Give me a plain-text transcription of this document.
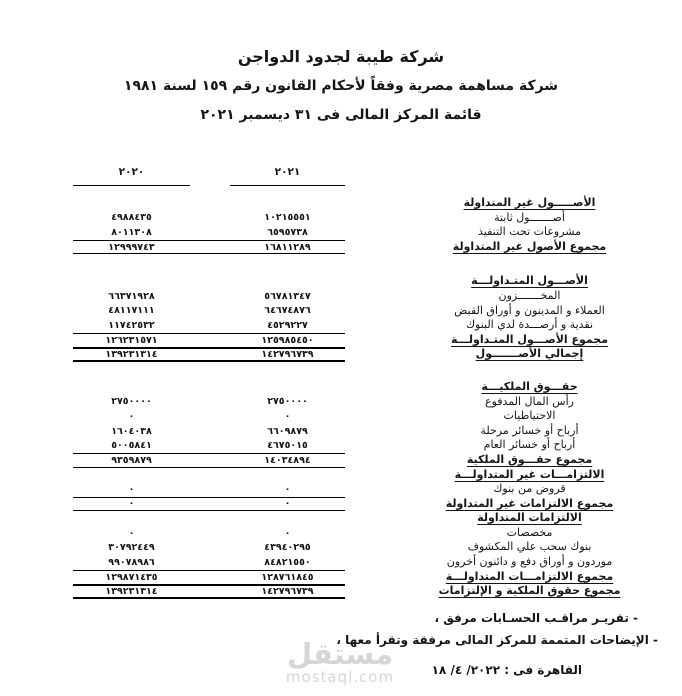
شركة طيبة لجدود الدواجن
شركة مساهمة مصرية وفقاً لأحكام القانون رقم ١٥٩ لسنة ١٩٨١
قائمة المركز المالى فى ٣١ ديسمبر ٢٠٢١
٢٠٢٠	٢٠٢١
الأصـــــول غير المتداولة
٤٩٨٨٤٣٥	١٠٢١٥٥٥١	أصـــــــول ثابتة
٨٠١١٣٠٨	٦٥٩٥٧٣٨	مشروعات تحت التنفيذ
١٢٩٩٩٧٤٣	١٦٨١١٢٨٩	مجموع الأصول غير المتداولة
الأصـــول المتـداولـــة
٦٦٣٧١٩٢٨	٥٦٧٨١٣٤٧	المخـــــــزون
٤٨١١٧١١١	٦٤٦٧٤٨٧٦	العملاء و المدينون و أوراق القبض
١١٧٤٢٥٣٢	٤٥٢٩٢٢٧	نقدية و أرصـــدة لدي البنوك
١٢٦٢٣١٥٧١	١٢٥٩٨٥٤٥٠	مجموع الأصـــول المتـداولـــة
١٣٩٢٣١٣١٤	١٤٢٧٩٦٧٣٩	إجمالي الأصـــــــول
حقـــوق الملكيـــة
٢٧٥٠٠٠٠	٢٧٥٠٠٠٠	رأس المال المدفوع
٠	٠	الاحتياطيات
١٦٠٤٠٣٨	٦٦٠٩٨٧٩	أرباح أو خسائر مرحلة
٥٠٠٥٨٤١	٤٦٧٥٠١٥	أرباح أو خسائر العام
٩٣٥٩٨٧٩	١٤٠٣٤٨٩٤	مجموع حقـــوق الملكية
الالتزامـــات غير المتداولـــة
٠	٠	قروض من بنوك
٠	٠	مجموع الالتزامات غير المتداولة
الالتزامات المتداولة
٠	٠	مخصصات
٣٠٧٩٢٤٤٩	٤٣٩٤٠٢٩٥	بنوك سحب علي المكشوف
٩٩٠٧٨٩٨٦	٨٤٨٢١٥٥٠	موردون و أوراق دفع و دائنون أخرون
١٢٩٨٧١٤٣٥	١٢٨٧٦١٨٤٥	مجموع الالتزامـــات المتداولـــة
١٣٩٢٣١٣١٤	١٤٢٧٩٦٧٣٩	مجموع حقوق الملكية و الإلتزامات
- تقريـر مراقـب الحسـابات مرفق ،
- الإيضاحات المتممة للمركز المالى مرفقة وتقرأ معها ،
القاهرة فى : ٢٠٢٢/ ٤/ ١٨
مستقل
mostaql.com
